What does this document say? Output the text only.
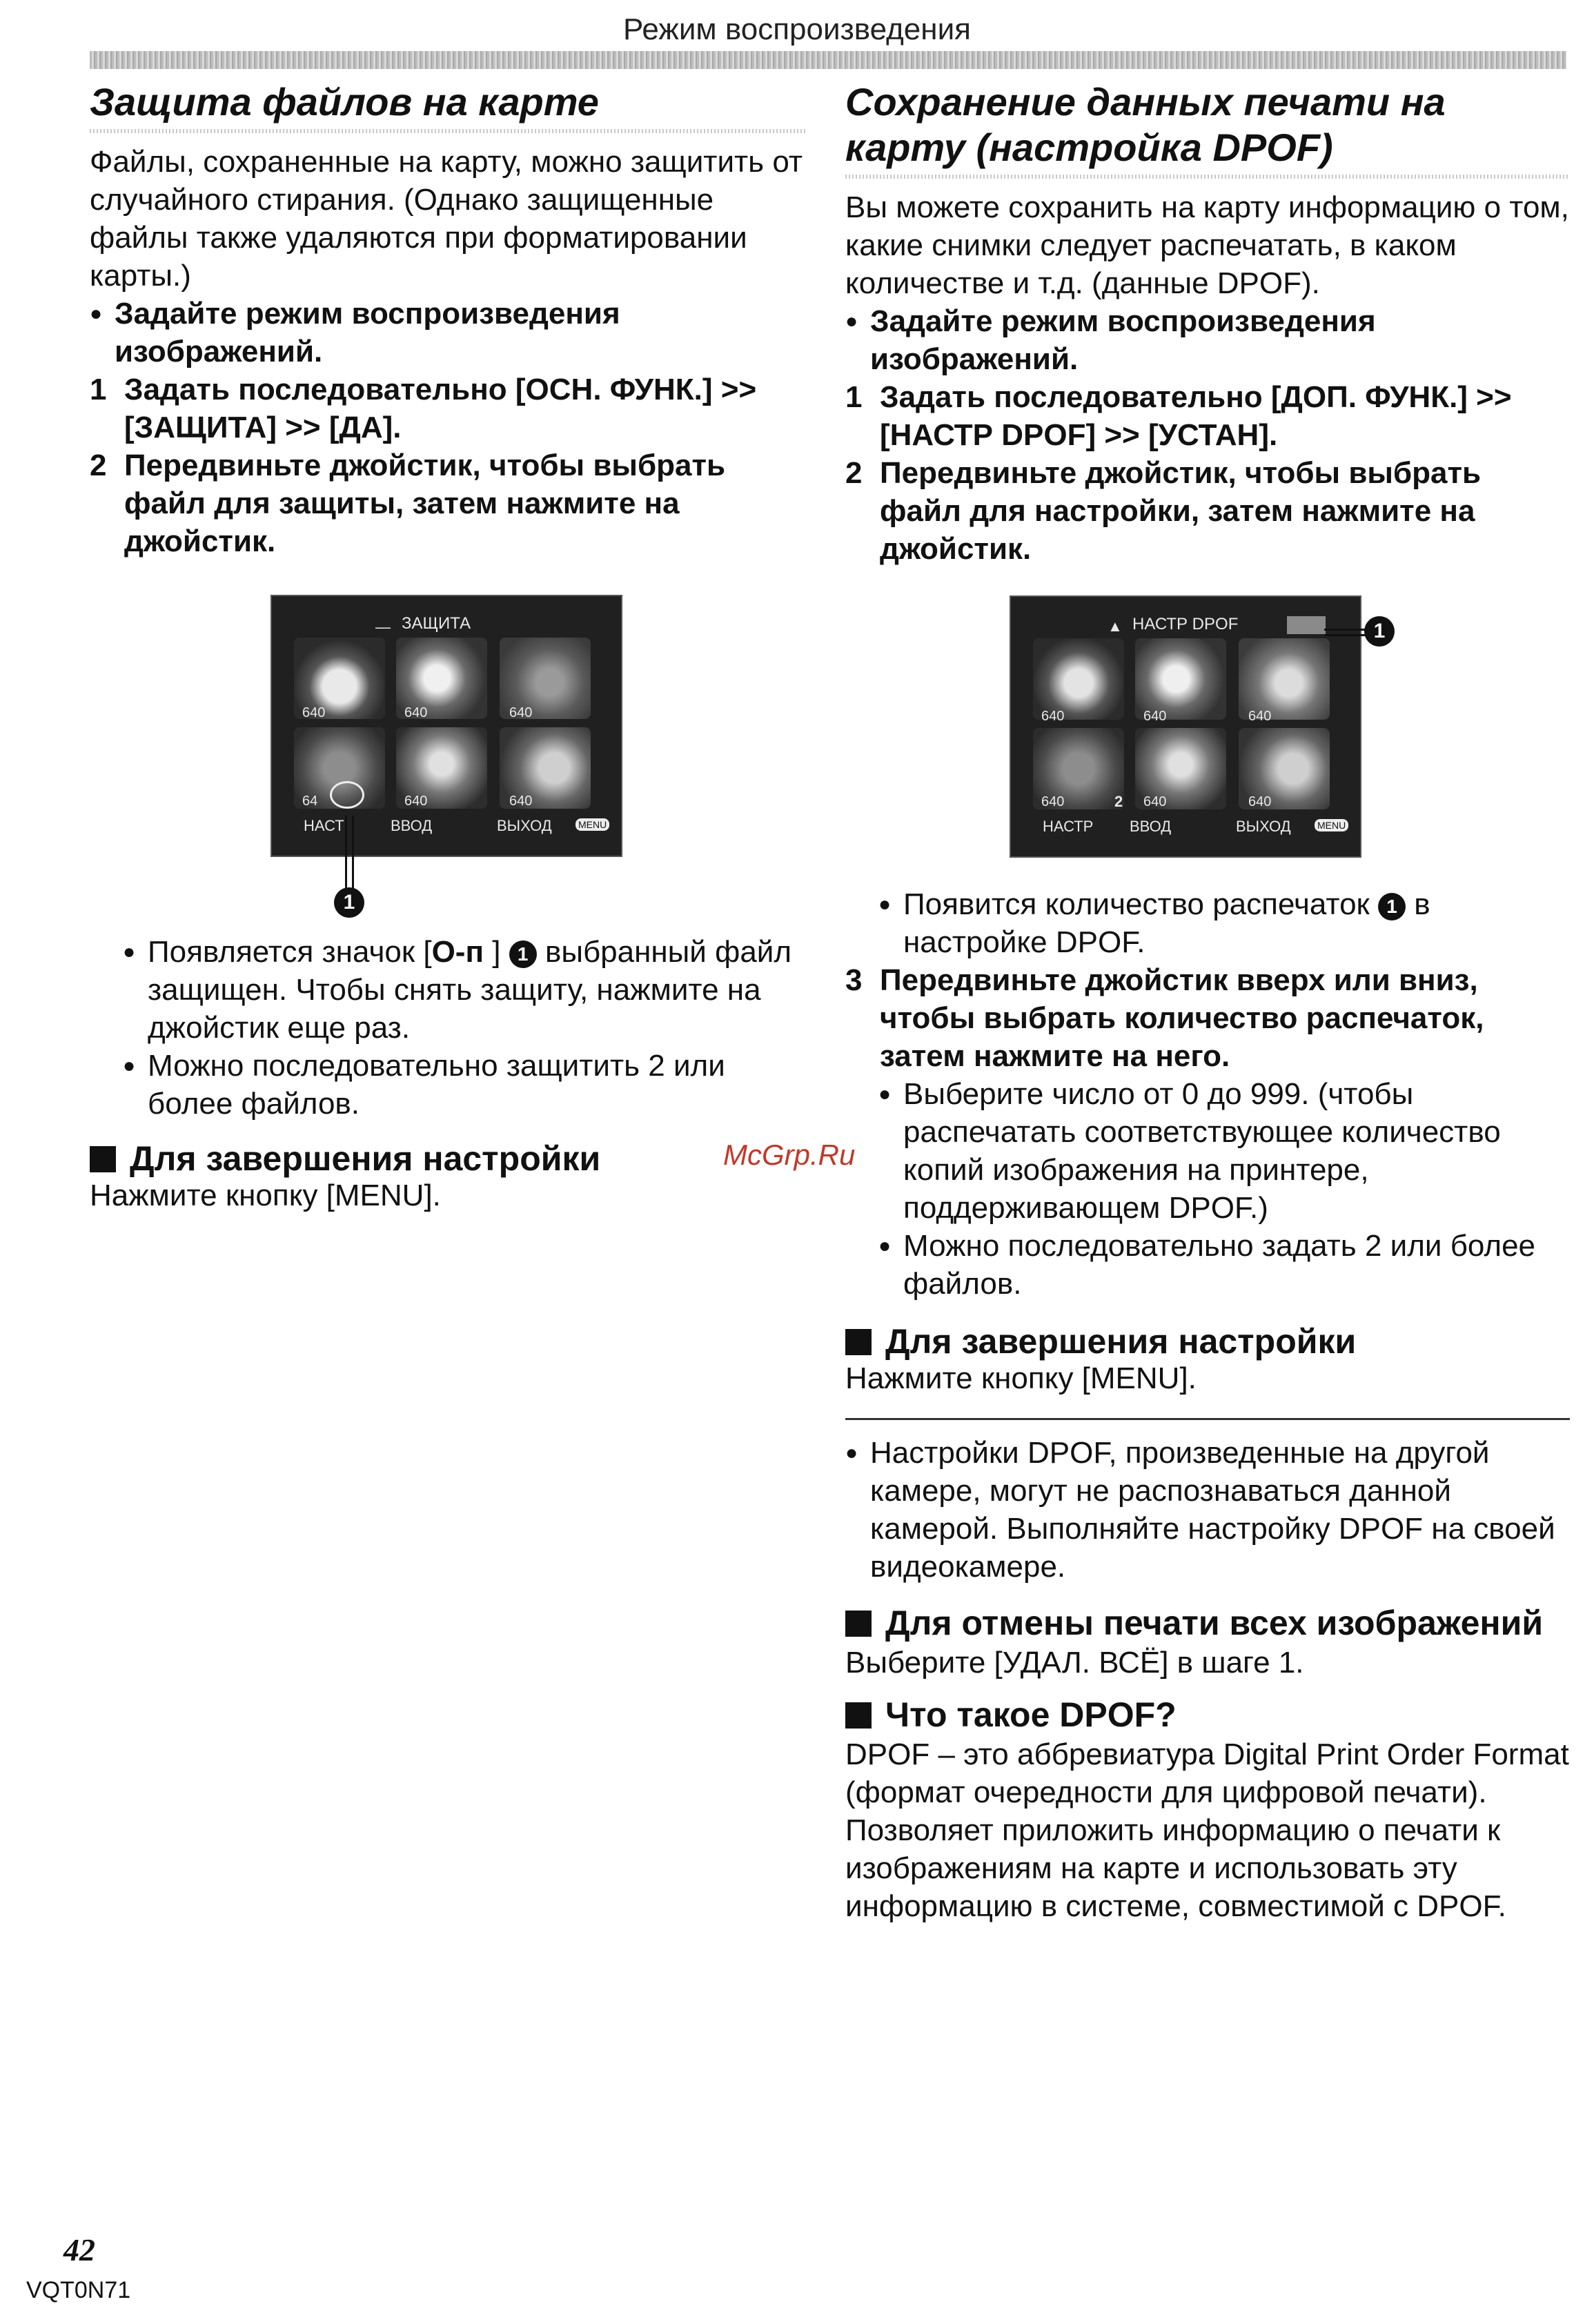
Режим воспроизведения
Защита файлов на карте

Файлы, сохраненные на карту, можно защитить от случайного стирания. (Однако защищенные файлы также удаляются при форматировании карты.)

● Задайте режим воспроизведения изображений.

1 Задать последовательно [ОСН. ФУНК.] >> [ЗАЩИТА] >> [ДА].
2 Передвиньте джойстик, чтобы выбрать файл для защиты, затем нажмите на джойстик.
— ЗАЩИТА
640	640	640
64	640	640
НАСТ	ВВОД	ВЫХОД	MENU
1

● Появляется значок [О-п ] 1 выбранный файл защищен. Чтобы снять защиту, нажмите на джойстик еще раз.

● Можно последовательно защитить 2 или более файлов.

Для завершения настройки

Нажмите кнопку [MENU].

Сохранение данных печати на
карту (настройка DPOF)

Вы можете сохранить на карту информацию о том, какие снимки следует распечатать, в каком количестве и т.д. (данные DPOF).

● Задайте режим воспроизведения изображений.

1 Задать последовательно [ДОП. ФУНК.] >> [НАСТР DPOF] >> [УСТАН].
2 Передвиньте джойстик, чтобы выбрать файл для настройки, затем нажмите на джойстик.
▲ НАСТР DPOF
640	640	640
640	2 640	640
НАСТР ВВОД	ВЫХОД	MENU
1

● Появится количество распечаток 1 в настройке DPOF.

3 Передвиньте джойстик вверх или вниз, чтобы выбрать количество распечаток, затем нажмите на него.

● Выберите число от 0 до 999. (чтобы распечатать соответствующее количество копий изображения на принтере, поддерживающем DPOF.)

● Можно последовательно задать 2 или более файлов.

Для завершения настройки

Нажмите кнопку [MENU].

● Настройки DPOF, произведенные на другой камере, могут не распознаваться данной камерой. Выполняйте настройку DPOF на своей видеокамере.

Для отмены печати всех изображений

Выберите [УДАЛ. ВСЁ] в шаге 1.

Что такое DPOF?

DPOF – это аббревиатура Digital Print Order Format (формат очередности для цифровой печати). Позволяет приложить информацию о печати к изображениям на карте и использовать эту информацию в системе, совместимой с DPOF.

McGrp.Ru
42
VQT0N71
